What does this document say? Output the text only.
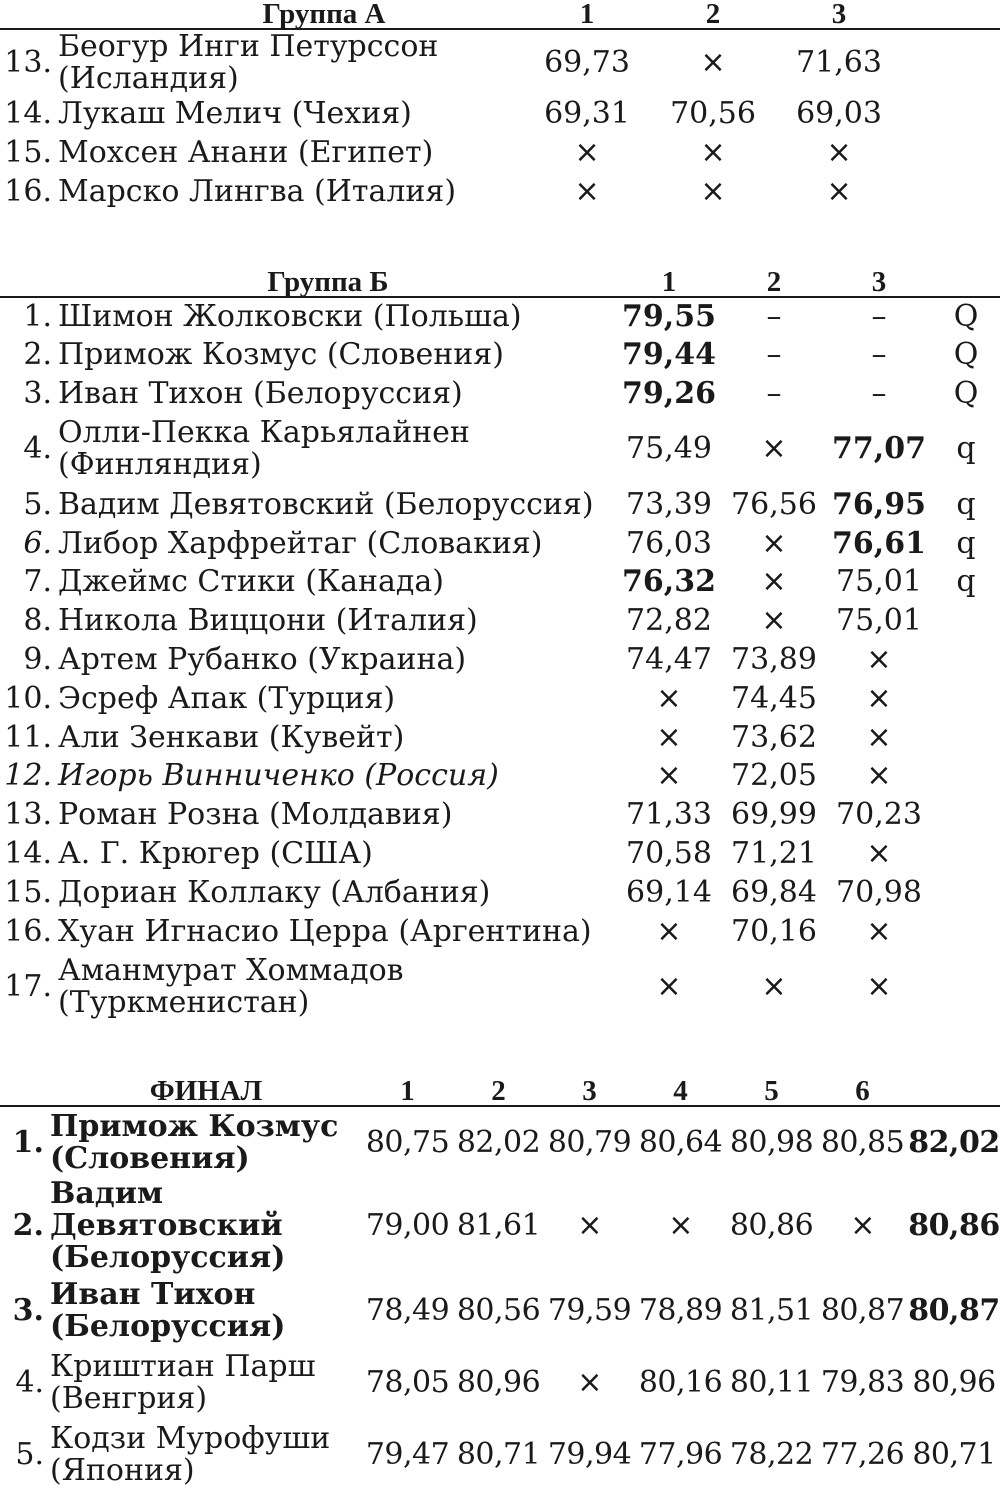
Группа А		1	2	3	
13.	Беогур Инги Петурссон
(Исландия)	69,73	×	71,63	
14.	Лукаш Мелич (Чехия)	69,31	70,56	69,03	
15.	Мохсен Анани (Египет)	×	×	×	
16.	Марско Лингва (Италия)	×	×	×	
Группа Б		1	2	3	
1.	Шимон Жолковски (Польша)	79,55	–	–	Q
2.	Примож Козмус (Словения)	79,44	–	–	Q
3.	Иван Тихон (Белоруссия)	79,26	–	–	Q
4.	Олли-Пекка Карьялайнен
(Финляндия)	75,49	×	77,07	q
5.	Вадим Девятовский (Белоруссия)	73,39	76,56	76,95	q
6.	Либор Харфрейтаг (Словакия)	76,03	×	76,61	q
7.	Джеймс Стики (Канада)	76,32	×	75,01	q
8.	Никола Виццони (Италия)	72,82	×	75,01	
9.	Артем Рубанко (Украина)	74,47	73,89	×	
10.	Эсреф Апак (Турция)	×	74,45	×	
11.	Али Зенкави (Кувейт)	×	73,62	×	
12.	Игорь Винниченко (Россия)	×	72,05	×	
13.	Роман Розна (Молдавия)	71,33	69,99	70,23	
14.	А. Г. Крюгер (США)	70,58	71,21	×	
15.	Дориан Коллаку (Албания)	69,14	69,84	70,98	
16.	Хуан Игнасио Церра (Аргентина)	×	70,16	×	
17.	Аманмурат Хоммадов
(Туркменистан)	×	×	×	
ФИНАЛ		1	2	3	4	5	6	
1.	Примож Козмус
(Словения)	80,75	82,02	80,79	80,64	80,98	80,85	82,02
2.	Вадим Девятовский
(Белоруссия)	79,00	81,61	×	×	80,86	×	80,86
3.	Иван Тихон
(Белоруссия)	78,49	80,56	79,59	78,89	81,51	80,87	80,87
4.	Криштиан Парш
(Венгрия)	78,05	80,96	×	80,16	80,11	79,83	80,96
5.	Кодзи Мурофуши
(Япония)	79,47	80,71	79,94	77,96	78,22	77,26	80,71
